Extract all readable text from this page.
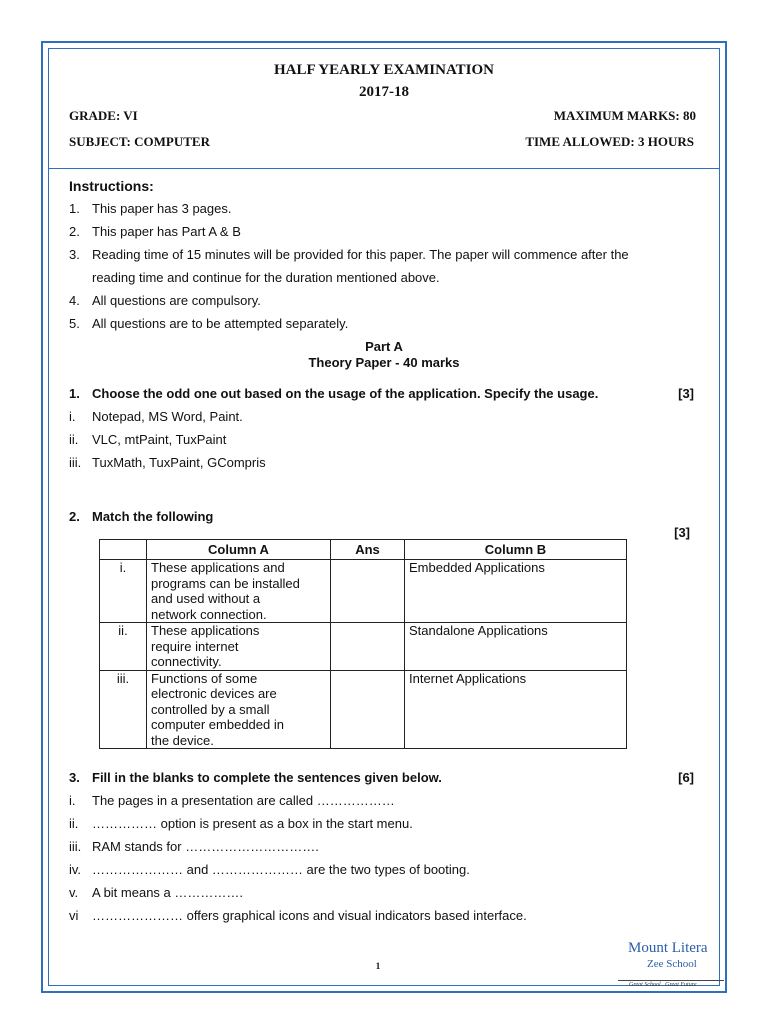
HALF YEARLY EXAMINATION
2017-18
GRADE: VI	MAXIMUM MARKS: 80
SUBJECT: COMPUTER	TIME ALLOWED: 3 HOURS
Instructions:
1. This paper has 3 pages.
2. This paper has Part A & B
3. Reading time of 15 minutes will be provided for this paper. The paper will commence after the
reading time and continue for the duration mentioned above.
4. All questions are compulsory.
5. All questions are to be attempted separately.
Part A
Theory Paper - 40 marks
1. Choose the odd one out based on the usage of the application. Specify the usage.	[3]
i. Notepad, MS Word, Paint.
ii. VLC, mtPaint, TuxPaint
iii. TuxMath, TuxPaint, GCompris
2. Match the following
[3]
	Column A	Ans	Column B
i.	These applications and
programs can be installed
and used without a
network connection.		Embedded Applications
ii.	These applications
require internet
connectivity.		Standalone Applications
iii.	Functions of some
electronic devices are
controlled by a small
computer embedded in
the device.		Internet Applications
3. Fill in the blanks to complete the sentences given below.	[6]
i. The pages in a presentation are called ………………
ii. …………… option is present as a box in the start menu.
iii. RAM stands for ………………………….
iv. ………………… and ………………… are the two types of booting.
v. A bit means a …………….
vi ………………… offers graphical icons and visual indicators based interface.
1
Mount Litera
Zee School
Great School . Great Future
